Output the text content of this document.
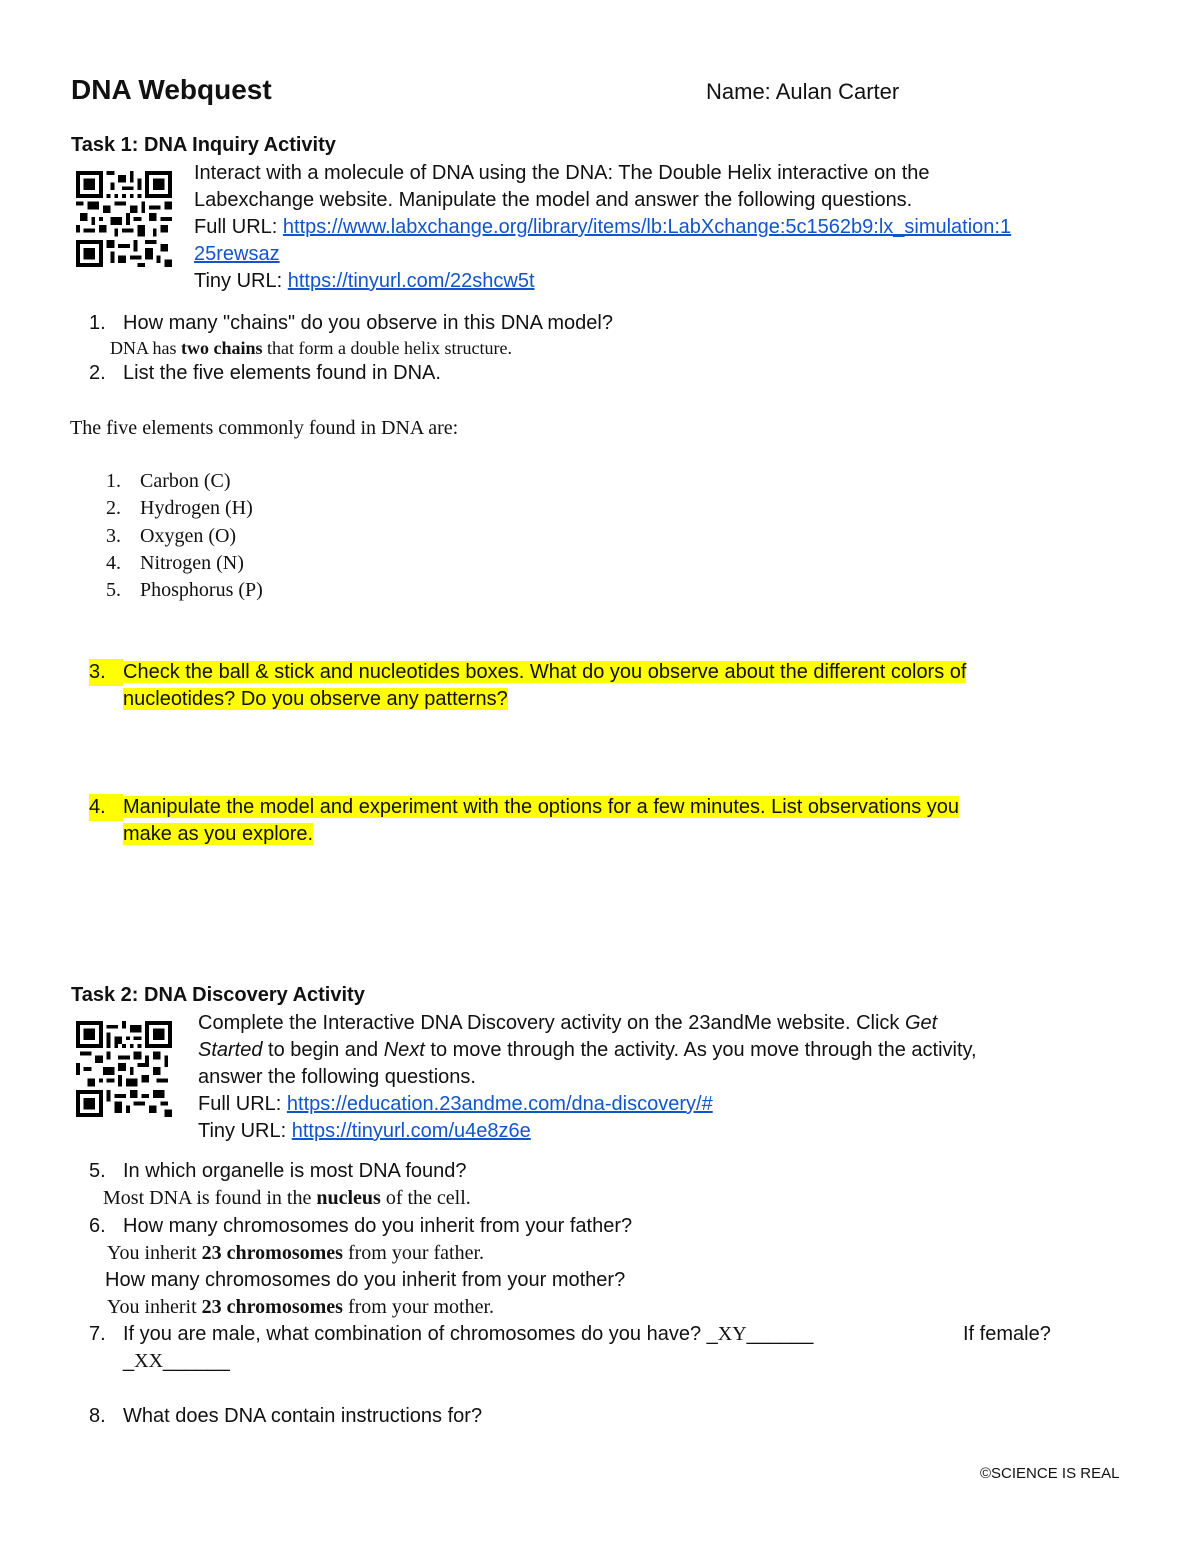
DNA Webquest	Name: Aulan Carter
Task 1: DNA Inquiry Activity
Interact with a molecule of DNA using the DNA: The Double Helix interactive on the
Labexchange website. Manipulate the model and answer the following questions.
Full URL: https://www.labxchange.org/library/items/lb:LabXchange:5c1562b9:lx_simulation:1
25rewsaz
Tiny URL: https://tinyurl.com/22shcw5t
1. How many "chains" do you observe in this DNA model?
DNA has two chains that form a double helix structure.
2. List the five elements found in DNA.
The five elements commonly found in DNA are:
1. Carbon (C)
2. Hydrogen (H)
3. Oxygen (O)
4. Nitrogen (N)
5. Phosphorus (P)
3. Check the ball & stick and nucleotides boxes. What do you observe about the different colors of
nucleotides? Do you observe any patterns?
4. Manipulate the model and experiment with the options for a few minutes. List observations you
make as you explore.
Task 2: DNA Discovery Activity
Complete the Interactive DNA Discovery activity on the 23andMe website. Click Get
Started to begin and Next to move through the activity. As you move through the activity,
answer the following questions.
Full URL: https://education.23andme.com/dna-discovery/#
Tiny URL: https://tinyurl.com/u4e8z6e
5. In which organelle is most DNA found?
Most DNA is found in the nucleus of the cell.
6. How many chromosomes do you inherit from your father?
You inherit 23 chromosomes from your father.
How many chromosomes do you inherit from your mother?
You inherit 23 chromosomes from your mother.
7. If you are male, what combination of chromosomes do you have? _XY______	If female?
_XX______
8. What does DNA contain instructions for?
©SCIENCE IS REAL
